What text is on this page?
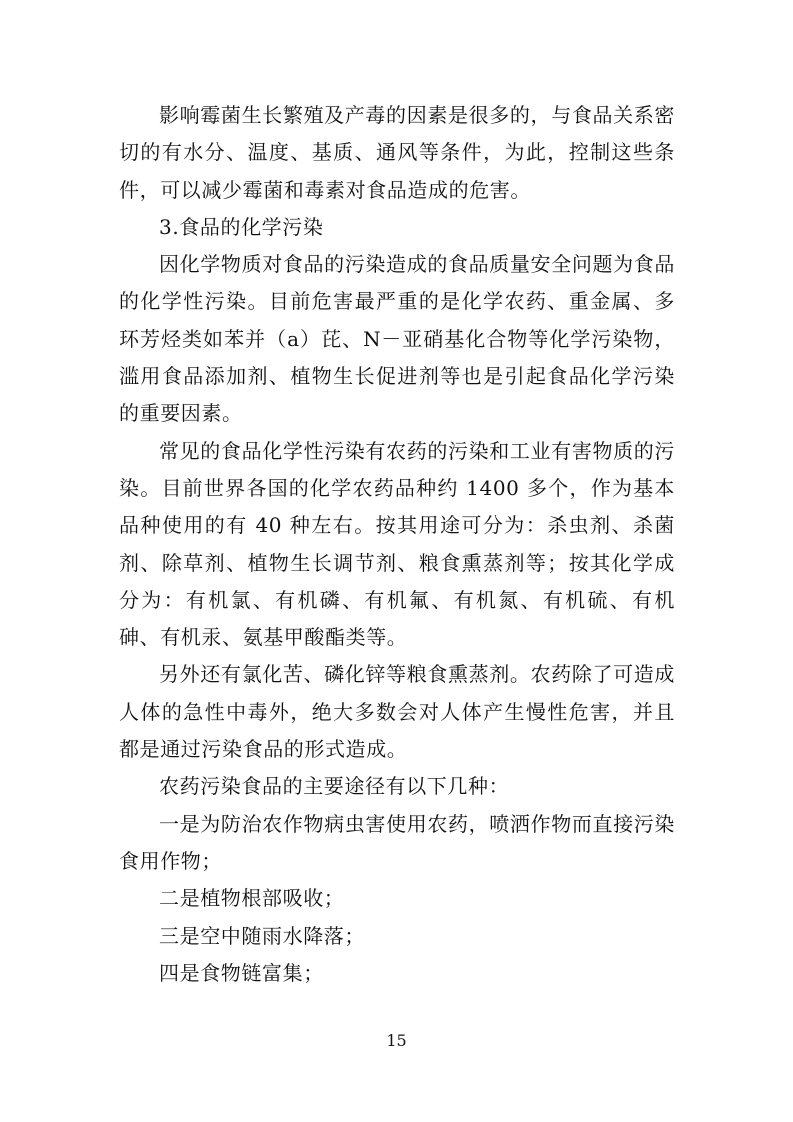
影响霉菌生长繁殖及产毒的因素是很多的，与食品关系密切的有水分、温度、基质、通风等条件，为此，控制这些条件，可以减少霉菌和毒素对食品造成的危害。

3.食品的化学污染

因化学物质对食品的污染造成的食品质量安全问题为食品的化学性污染。目前危害最严重的是化学农药、重金属、多环芳烃类如苯并（a）芘、N－亚硝基化合物等化学污染物，滥用食品添加剂、植物生长促进剂等也是引起食品化学污染的重要因素。

常见的食品化学性污染有农药的污染和工业有害物质的污染。目前世界各国的化学农药品种约 1400 多个，作为基本品种使用的有 40 种左右。按其用途可分为：杀虫剂、杀菌剂、除草剂、植物生长调节剂、粮食熏蒸剂等；按其化学成分为：有机氯、有机磷、有机氟、有机氮、有机硫、有机砷、有机汞、氨基甲酸酯类等。

另外还有氯化苦、磷化锌等粮食熏蒸剂。农药除了可造成人体的急性中毒外，绝大多数会对人体产生慢性危害，并且都是通过污染食品的形式造成。

农药污染食品的主要途径有以下几种：

一是为防治农作物病虫害使用农药，喷洒作物而直接污染食用作物；

二是植物根部吸收；

三是空中随雨水降落；

四是食物链富集；

15
